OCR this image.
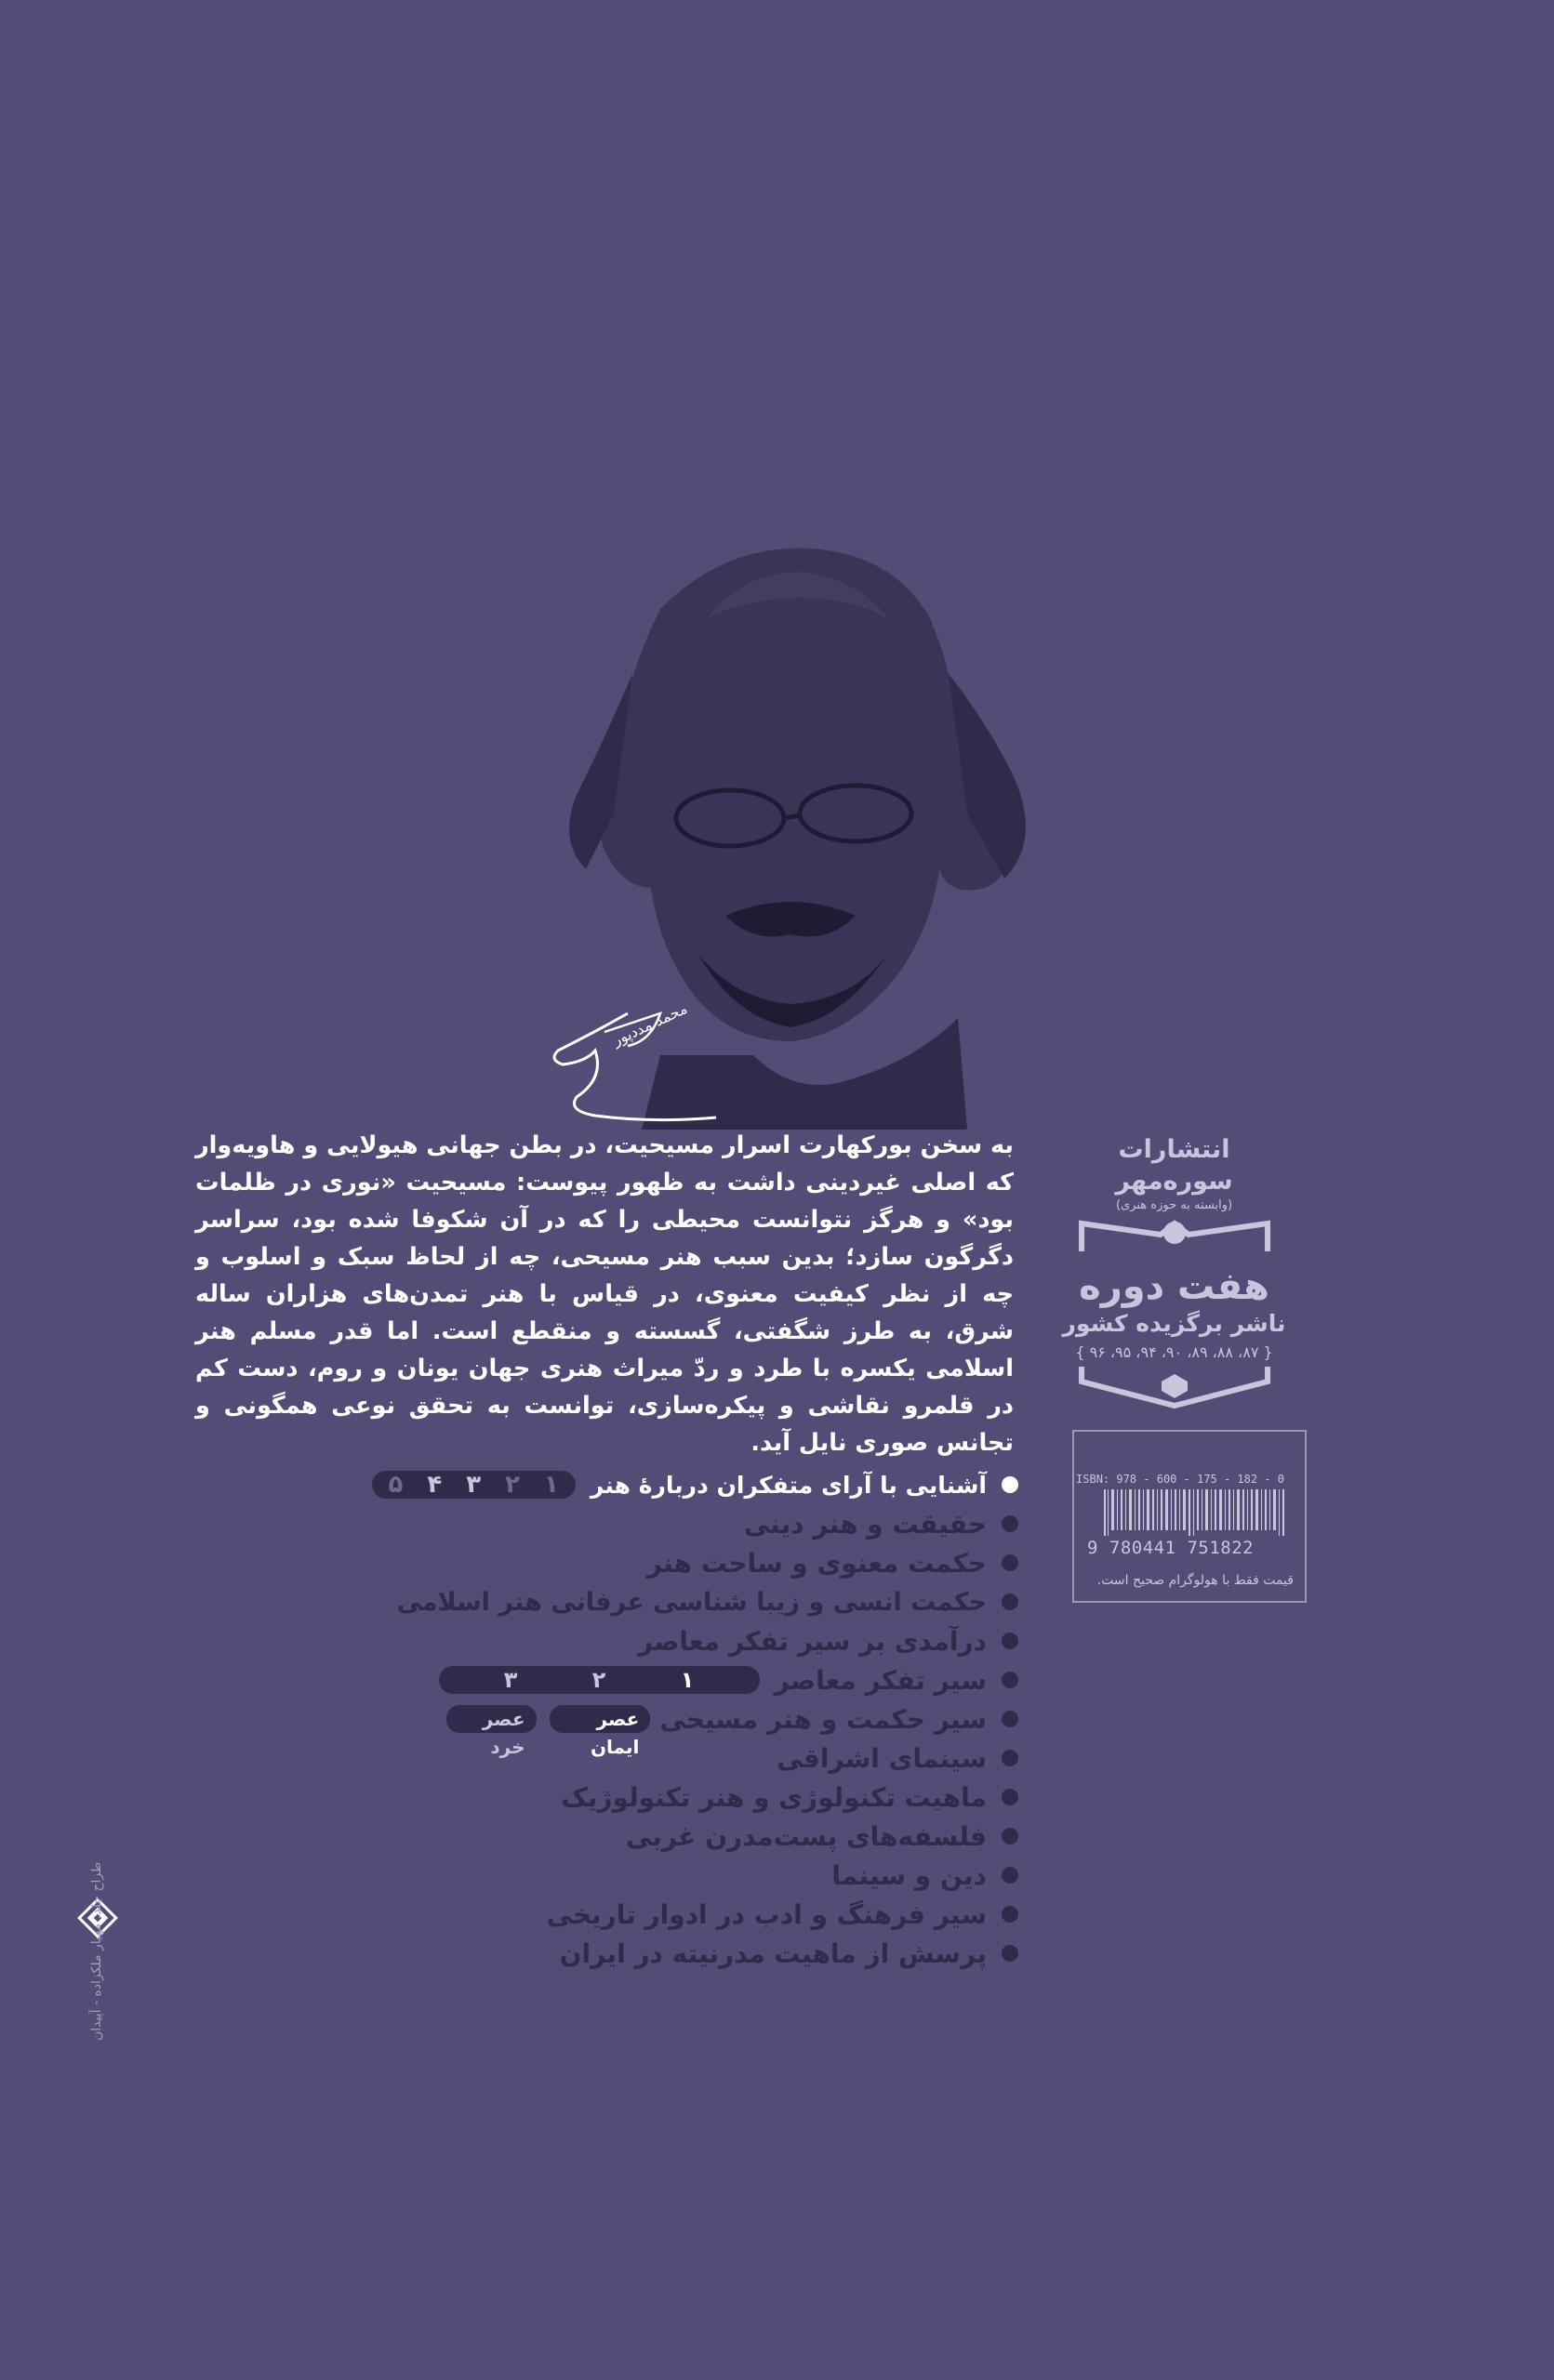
محمد مددپور

به سخن بورکهارت اسرار مسیحیت، در بطن جهانی هیولایی و هاویه‌وار که اصلی غیردینی داشت به ظهور پیوست: مسیحیت «نوری در ظلمات بود» و هرگز نتوانست محیطی را که در آن شکوفا شده بود، سراسر دگرگون سازد؛ بدین سبب هنر مسیحی، چه از لحاظ سبک و اسلوب و چه از نظر کیفیت معنوی، در قیاس با هنر تمدن‌های هزاران ساله شرق، به طرز شگفتی، گسسته و منقطع است. اما قدر مسلم هنر اسلامی یکسره با طرد و ردّ میراث هنری جهان یونان و روم، دست کم در قلمرو نقاشی و پیکره‌سازی، توانست به تحقق نوعی همگونی و تجانس صوری نایل آید.

انتشارات سوره‌مهر
(وابسته به حوزه هنری)
هفت دوره
ناشر برگزیده کشور
{ ۸۷، ۸۸، ۸۹، ۹۰، ۹۴، ۹۵، ۹۶ }
ISBN: 978 - 600 - 175 - 182 - 0
9 780441 751822
قیمت فقط با هولوگرام صحیح است.
آشنایی با آرای متفکران دربارهٔ هنر
۱
۲
۳
۴
۵
حقیقت و هنر دینی
حکمت معنوی و ساحت هنر
حکمت انسی و زیبا شناسی عرفانی هنر اسلامی
درآمدی بر سیر تفکر معاصر
سیر تفکر معاصر
۱
۲
۳
سیر حکمت و هنر مسیحی
عصر ایمان
عصر خرد	سینمای اشراقی
ماهیت تکنولوژی و هنر تکنولوژیک
فلسفه‌های پست‌مدرن غربی
دین و سینما
سیر فرهنگ و ادب در ادوار تاریخی
پرسش از ماهیت مدرنیته در ایران
طراح جلد: مهیار ملکزاده - آپیدان
